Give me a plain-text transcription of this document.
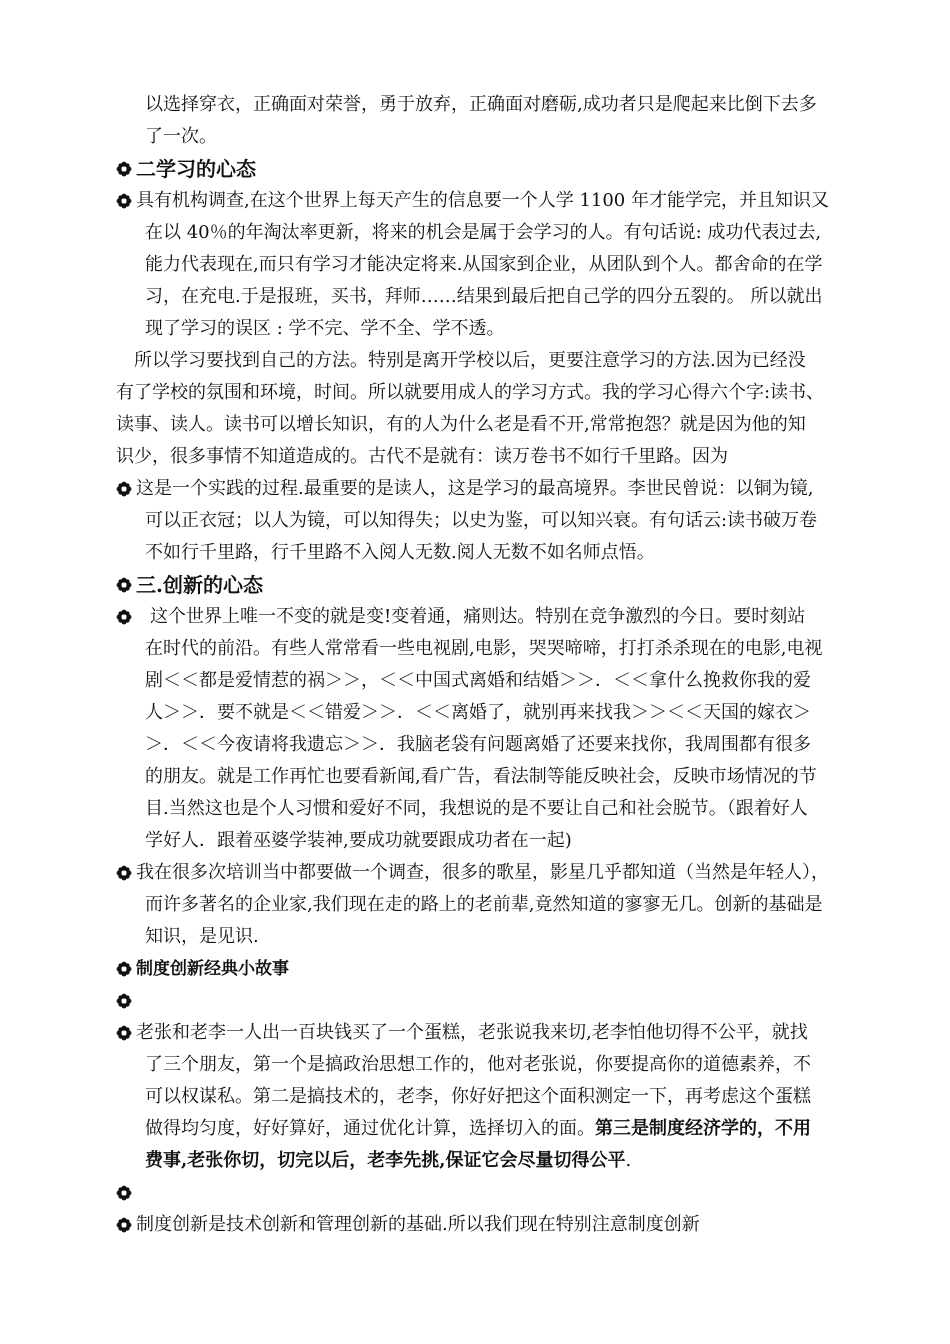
以选择穿衣，正确面对荣誉，勇于放弃，正确面对磨砺,成功者只是爬起来比倒下去多
了一次。
二学习的心态
具有机构调查,在这个世界上每天产生的信息要一个人学 1100 年才能学完，并且知识又
在以 40％的年淘汰率更新，将来的机会是属于会学习的人。有句话说: 成功代表过去,
能力代表现在,而只有学习才能决定将来.从国家到企业，从团队到个人。都舍命的在学
习，在充电.于是报班，买书，拜师……结果到最后把自己学的四分五裂的。 所以就出
现了学习的误区 : 学不完、学不全、学不透。
所以学习要找到自己的方法。特别是离开学校以后，更要注意学习的方法.因为已经没
有了学校的氛围和环境，时间。所以就要用成人的学习方式。我的学习心得六个字:读书、
读事、读人。读书可以增长知识，有的人为什么老是看不开,常常抱怨？就是因为他的知
识少，很多事情不知道造成的。古代不是就有：读万卷书不如行千里路。因为
这是一个实践的过程.最重要的是读人，这是学习的最高境界。李世民曾说：以铜为镜,
可以正衣冠；以人为镜，可以知得失；以史为鉴，可以知兴衰。有句话云:读书破万卷
不如行千里路，行千里路不入阅人无数.阅人无数不如名师点悟。
三.创新的心态
这个世界上唯一不变的就是变!变着通，痛则达。特别在竞争激烈的今日。要时刻站
在时代的前沿。有些人常常看一些电视剧,电影，哭哭啼啼，打打杀杀现在的电影,电视
剧＜＜都是爱情惹的祸＞＞，＜＜中国式离婚和结婚＞＞．＜＜拿什么挽救你我的爱
人＞＞．要不就是＜＜错爱＞＞．＜＜离婚了，就别再来找我＞＞＜＜天国的嫁衣＞
＞．＜＜今夜请将我遗忘＞＞．我脑老袋有问题离婚了还要来找你，我周围都有很多
的朋友。就是工作再忙也要看新闻,看广告，看法制等能反映社会，反映市场情况的节
目.当然这也是个人习惯和爱好不同，我想说的是不要让自己和社会脱节。（跟着好人
学好人．跟着巫婆学装神,要成功就要跟成功者在一起)
我在很多次培训当中都要做一个调查，很多的歌星，影星几乎都知道（当然是年轻人），
而许多著名的企业家,我们现在走的路上的老前辈,竟然知道的寥寥无几。创新的基础是
知识，是见识.
制度创新经典小故事
老张和老李一人出一百块钱买了一个蛋糕，老张说我来切,老李怕他切得不公平，就找
了三个朋友，第一个是搞政治思想工作的，他对老张说，你要提高你的道德素养，不
可以权谋私。第二是搞技术的，老李，你好好把这个面积测定一下，再考虑这个蛋糕
做得均匀度，好好算好，通过优化计算，选择切入的面。第三是制度经济学的，不用
费事,老张你切，切完以后，老李先挑,保证它会尽量切得公平.
制度创新是技术创新和管理创新的基础.所以我们现在特别注意制度创新
